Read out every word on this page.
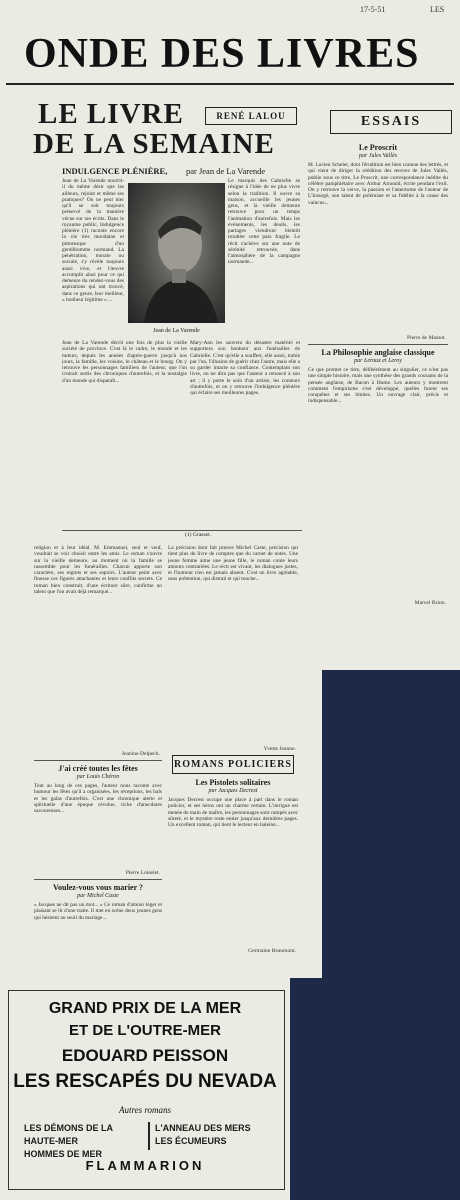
17-5-51	LES
ONDE DES LIVRES
LE LIVRE
DE LA SEMAINE
RENÉ LALOU
INDULGENCE PLÉNIÈRE, par Jean de La Varende
ESSAIS
Jean de La Varende

Jean de La Varende nourrit-il du même désir que les ailleurs, rejoint et même ses pratiques? On ne peut nier qu'il se soit toujours préservé de la manière vécue sur ses écrits. Dans le royaume public, Indulgence plénière (1) raconte encore la vie très mondaine et pittoresque d'un gentilhomme normand. La pénétration, morale ou sociale, s'y révèle toujours aussi vive, et l'œuvre accomplit ainsi pour ce qui demeure du rendez-vous des aspirations qui ont trouvé, dans ce genre, leur meilleur, « bonheur légitime » ...

Jean de La Varende décrit une fois de plus la vieille société de province. C'est là le cadre, le monde et les mœurs, depuis les années d'après-guerre jusqu'à nos jours, la famille, les voisins, le château et le bourg. On y retrouve les personnages familiers de l'auteur, que l'on croirait sortis des chroniques d'autrefois, et la nostalgie d'un monde qui disparaît...

Le marquis des Gabrielle se résigne à l'idée de ne plus vivre selon la tradition. Il ouvre sa maison, accueille les jeunes gens, et la vieille demeure retrouve pour un temps l'animation d'autrefois. Mais les événements, les deuils, les partages viendront bientôt troubler cette paix fragile. Le récit s'achève sur une note de sérénité retrouvée, dans l'atmosphère de la campagne normande...

Mary-Ann les sauvera du désastre matériel et supportera son bonheur aux funérailles de Gabrielle. C'est qu'elle a souffert, elle aussi, trahie par l'un, l'illusion de guérir chez l'autre, mais elle a su garder intacte sa confiance. Contemplant son livre, on ne dira pas que l'auteur a renoncé à son art ; il y porte le soin d'un artiste, les conteurs d'autrefois, et on y retrouve l'indulgence plénière qui éclaire ses meilleures pages.

(1) Grasset.
Le Proscrit
par Jules Vallès

M. Lucien Scheler, dont l'érudition est bien connue des lettrés, et qui vient de diriger la réédition des œuvres de Jules Vallès, publie sous ce titre, Le Proscrit, une correspondance inédite du célèbre pamphlétaire avec Arthur Arnould, écrite pendant l'exil. On y retrouve la verve, la passion et l'amertume de l'auteur de L'Insurgé, son talent de polémiste et sa fidélité à la cause des vaincus...

Pierre de Massot.
La Philosophie anglaise classique
par Leroux et Leroy

Ce que promet ce titre, délibérément au singulier, ce n'est pas une simple histoire, mais une synthèse des grands courants de la pensée anglaise, de Bacon à Hume. Les auteurs y montrent comment l'empirisme s'est développé, quelles furent ses conquêtes et ses limites. Un ouvrage clair, précis et indispensable...

Marcel Brion.

religion et à leur idéal. M. Emmanuel, seul et veuf, voudrait se voir choisir entre les amis. Le roman s'ouvre sur la vieille demeure, au moment où la famille se rassemble pour les funérailles. Chacun apporte son caractère, ses regrets et ses espoirs. L'auteur peint avec finesse ces figures attachantes et leurs conflits secrets. Ce roman bien construit, d'une écriture sûre, confirme un talent que l'on avait déjà remarqué...

Jeanine Delpech.
J'ai créé toutes les fêtes
par Louis Chéron

Tout au long de ces pages, l'auteur nous raconte avec humour les fêtes qu'il a organisées, les réceptions, les bals et les galas d'autrefois. C'est une chronique alerte et spirituelle d'une époque révolue, riche d'anecdotes savoureuses...

Pierre Loiselet.
Voulez-vous vous marier ?
par Michel Caste

« Jacques ne dit pas un mot... » Ce roman d'amour léger et plaisant se lit d'une traite. Il met en scène deux jeunes gens qui hésitent au seuil du mariage...

La précision dont fait preuve Michel Caste, précision qui tient plus du livre de comptes que du carnet de notes. Une jeune femme aime une jeune fille, le roman conte leurs amours contrariées. Le récit est vivant, les dialogues justes, et l'humour n'en est jamais absent. C'est un livre agréable, sans prétention, qui distrait et qui touche...

Yvette Jeanne.
ROMANS POLICIERS
Les Pistolets solitaires
par Jacques Decrest

Jacques Decrest occupe une place à part dans le roman policier, et ses héros ont un charme certain. L'intrigue est menée de main de maître, les personnages sont campés avec sûreté, et le mystère reste entier jusqu'aux dernières pages. Un excellent roman, qui tient le lecteur en haleine...

Germaine Beaumont.
GRAND PRIX DE LA MER
ET DE L'OUTRE-MER
EDOUARD PEISSON
LES RESCAPÉS DU NEVADA
Autres romans
LES DÉMONS DE LA HAUTE-MER
HOMMES DE MER
L'ANNEAU DES MERS
LES ÉCUMEURS
FLAMMARION
